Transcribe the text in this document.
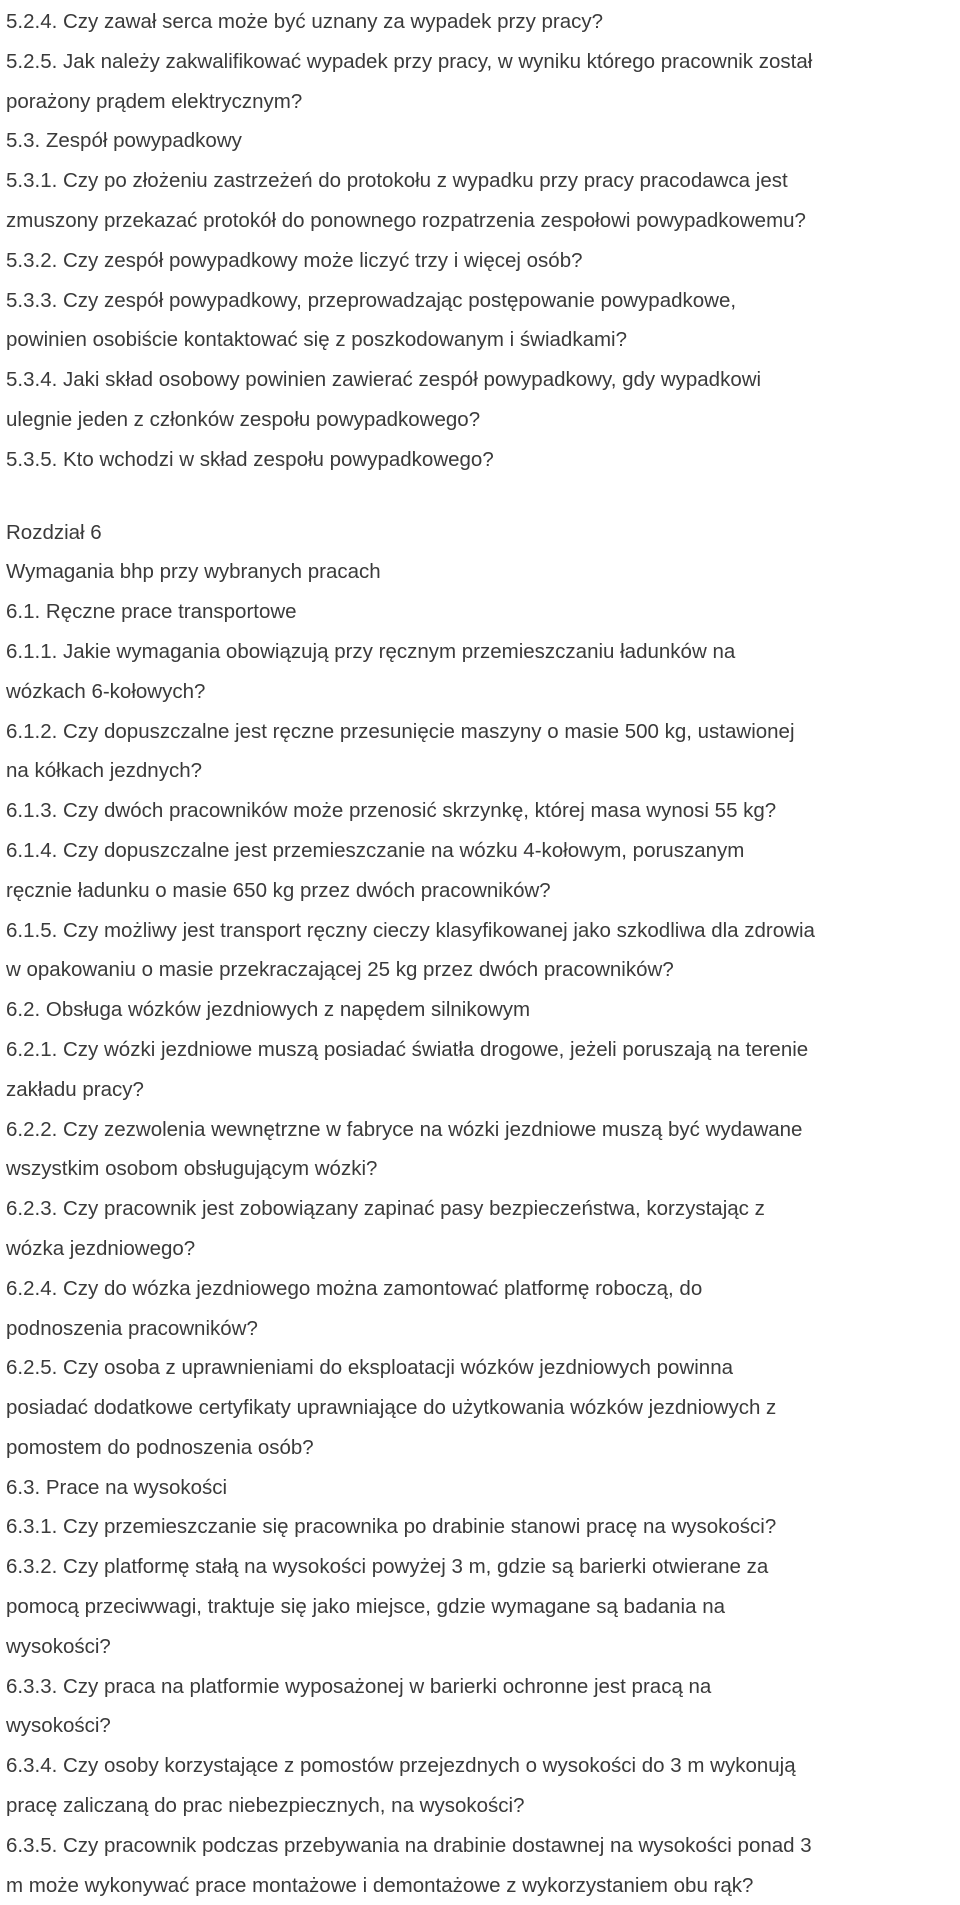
5.2.4. Czy zawał serca może być uznany za wypadek przy pracy?
5.2.5. Jak należy zakwalifikować wypadek przy pracy, w wyniku którego pracownik został
porażony prądem elektrycznym?
5.3. Zespół powypadkowy
5.3.1. Czy po złożeniu zastrzeżeń do protokołu z wypadku przy pracy pracodawca jest
zmuszony przekazać protokół do ponownego rozpatrzenia zespołowi powypadkowemu?
5.3.2. Czy zespół powypadkowy może liczyć trzy i więcej osób?
5.3.3. Czy zespół powypadkowy, przeprowadzając postępowanie powypadkowe,
powinien osobiście kontaktować się z poszkodowanym i świadkami?
5.3.4. Jaki skład osobowy powinien zawierać zespół powypadkowy, gdy wypadkowi
ulegnie jeden z członków zespołu powypadkowego?
5.3.5. Kto wchodzi w skład zespołu powypadkowego?
Rozdział 6
Wymagania bhp przy wybranych pracach
6.1. Ręczne prace transportowe
6.1.1. Jakie wymagania obowiązują przy ręcznym przemieszczaniu ładunków na
wózkach 6-kołowych?
6.1.2. Czy dopuszczalne jest ręczne przesunięcie maszyny o masie 500 kg, ustawionej
na kółkach jezdnych?
6.1.3. Czy dwóch pracowników może przenosić skrzynkę, której masa wynosi 55 kg?
6.1.4. Czy dopuszczalne jest przemieszczanie na wózku 4-kołowym, poruszanym
ręcznie ładunku o masie 650 kg przez dwóch pracowników?
6.1.5. Czy możliwy jest transport ręczny cieczy klasyfikowanej jako szkodliwa dla zdrowia
w opakowaniu o masie przekraczającej 25 kg przez dwóch pracowników?
6.2. Obsługa wózków jezdniowych z napędem silnikowym
6.2.1. Czy wózki jezdniowe muszą posiadać światła drogowe, jeżeli poruszają na terenie
zakładu pracy?
6.2.2. Czy zezwolenia wewnętrzne w fabryce na wózki jezdniowe muszą być wydawane
wszystkim osobom obsługującym wózki?
6.2.3. Czy pracownik jest zobowiązany zapinać pasy bezpieczeństwa, korzystając z
wózka jezdniowego?
6.2.4. Czy do wózka jezdniowego można zamontować platformę roboczą, do
podnoszenia pracowników?
6.2.5. Czy osoba z uprawnieniami do eksploatacji wózków jezdniowych powinna
posiadać dodatkowe certyfikaty uprawniające do użytkowania wózków jezdniowych z
pomostem do podnoszenia osób?
6.3. Prace na wysokości
6.3.1. Czy przemieszczanie się pracownika po drabinie stanowi pracę na wysokości?
6.3.2. Czy platformę stałą na wysokości powyżej 3 m, gdzie są barierki otwierane za
pomocą przeciwwagi, traktuje się jako miejsce, gdzie wymagane są badania na
wysokości?
6.3.3. Czy praca na platformie wyposażonej w barierki ochronne jest pracą na
wysokości?
6.3.4. Czy osoby korzystające z pomostów przejezdnych o wysokości do 3 m wykonują
pracę zaliczaną do prac niebezpiecznych, na wysokości?
6.3.5. Czy pracownik podczas przebywania na drabinie dostawnej na wysokości ponad 3
m może wykonywać prace montażowe i demontażowe z wykorzystaniem obu rąk?
